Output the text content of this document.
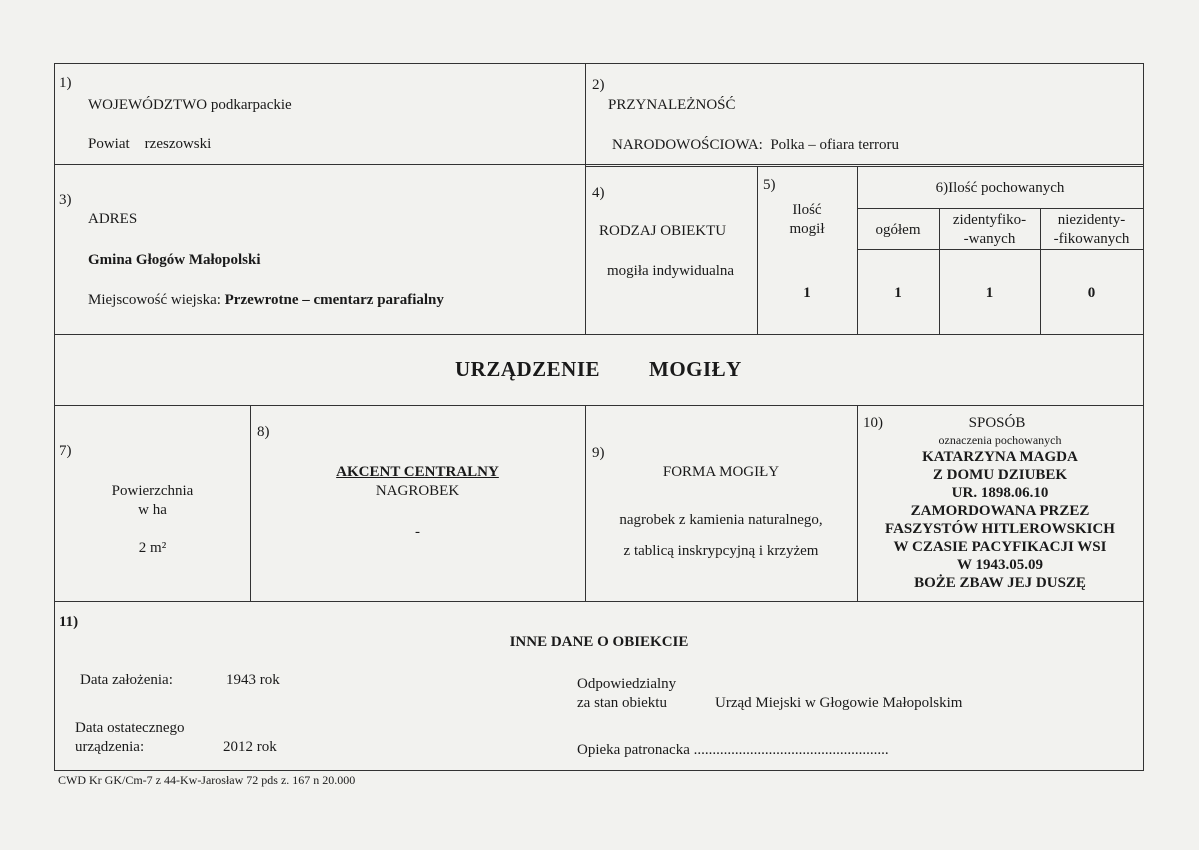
1)
WOJEWÓDZTWO podkarpackie
Powiat rzeszowski
2)
PRZYNALEŻNOŚĆ
NARODOWOŚCIOWA: Polka – ofiara terroru
3)
ADRES
Gmina Głogów Małopolski
Miejscowość wiejska: Przewrotne – cmentarz parafialny
4)
RODZAJ OBIEKTU
mogiła indywidualna
5)
Ilość
mogił
1
6)Ilość pochowanych
ogółem
zidentyfiko-
-wanych
niezidenty-
-fikowanych
1	1	0
URZĄDZENIE MOGIŁY
7)
Powierzchnia
w ha
2 m²
8)
AKCENT CENTRALNY
NAGROBEK
-
9)
FORMA MOGIŁY
nagrobek z kamienia naturalnego,
z tablicą inskrypcyjną i krzyżem
10)	SPOSÓB
oznaczenia pochowanych
KATARZYNA MAGDA
Z DOMU DZIUBEK
UR. 1898.06.10
ZAMORDOWANA PRZEZ
FASZYSTÓW HITLEROWSKICH
W CZASIE PACYFIKACJI WSI
W 1943.05.09
BOŻE ZBAW JEJ DUSZĘ
11)
INNE DANE O OBIEKCIE
Data założenia:	1943 rok
Data ostatecznego
urządzenia:	2012 rok
Odpowiedzialny
za stan obiektu	Urząd Miejski w Głogowie Małopolskim
Opieka patronacka ....................................................
CWD Kr GK/Cm-7 z 44-Kw-Jarosław 72 pds z. 167 n 20.000
